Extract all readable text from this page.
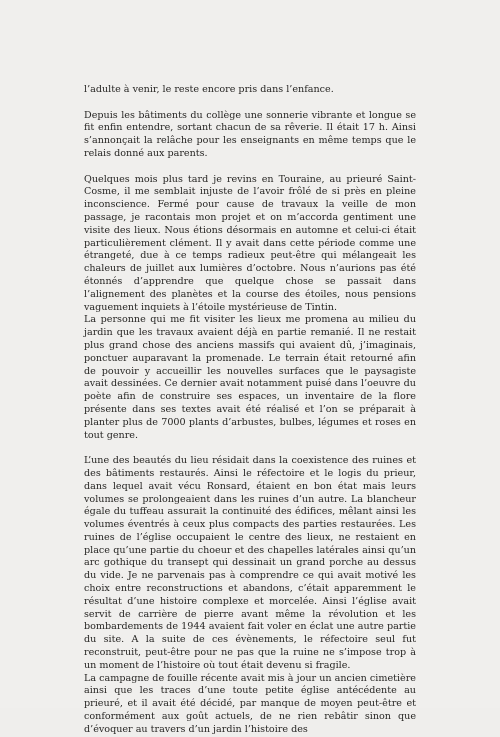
l’adulte à venir, le reste encore pris dans l’enfance.

Depuis les bâtiments du collège une sonnerie vibrante et longue se fit enfin entendre, sortant chacun de sa rêverie. Il était 17 h. Ainsi s’annonçait la relâche pour les enseignants en même temps que le relais donné aux parents.

Quelques mois plus tard je revins en Touraine, au prieuré Saint-Cosme, il me semblait injuste de l’avoir frôlé de si près en pleine inconscience. Fermé pour cause de travaux la veille de mon passage, je racontais mon projet et on m’accorda gentiment une visite des lieux. Nous étions désormais en automne et celui-ci était particulièrement clément. Il y avait dans cette période comme une étrangeté, due à ce temps radieux peut-être qui mélangeait les chaleurs de juillet aux lumières d’octobre. Nous n’aurions pas été étonnés d’apprendre que quelque chose se passait dans l’alignement des planètes et la course des étoiles, nous pensions vaguement inquiets à l’étoile mystérieuse de Tintin.

La personne qui me fit visiter les lieux me promena au milieu du jardin que les travaux avaient déjà en partie remanié. Il ne restait plus grand chose des anciens massifs qui avaient dû, j’imaginais, ponctuer auparavant la promenade. Le terrain était retourné afin de pouvoir y accueillir les nouvelles surfaces que le paysagiste avait dessinées. Ce dernier avait notamment puisé dans l’oeuvre du poète afin de construire ses espaces, un inventaire de la flore présente dans ses textes avait été réalisé et l’on se préparait à planter plus de 7000 plants d’arbustes, bulbes, légumes et roses en tout genre.

L’une des beautés du lieu résidait dans la coexistence des ruines et des bâtiments restaurés. Ainsi le réfectoire et le logis du prieur, dans lequel avait vécu Ronsard, étaient en bon état mais leurs volumes se prolongeaient dans les ruines d’un autre. La blancheur égale du tuffeau assurait la continuité des édifices, mêlant ainsi les volumes éventrés à ceux plus compacts des parties restaurées. Les ruines de l’église occupaient le centre des lieux, ne restaient en place qu’une partie du choeur et des chapelles latérales ainsi qu’un arc gothique du transept qui dessinait un grand porche au dessus du vide. Je ne parvenais pas à comprendre ce qui avait motivé les choix entre reconstructions et abandons, c’était apparemment le résultat d’une histoire complexe et morcelée. Ainsi l’église avait servit de carrière de pierre avant même la révolution et les bombardements de 1944 avaient fait voler en éclat une autre partie du site. A la suite de ces évènements, le réfectoire seul fut reconstruit, peut-être pour ne pas que la ruine ne s’impose trop à un moment de l’histoire où tout était devenu si fragile.

La campagne de fouille récente avait mis à jour un ancien cimetière ainsi que les traces d’une toute petite église antécédente au prieuré, et il avait été décidé, par manque de moyen peut-être et conformément aux goût actuels, de ne rien rebâtir sinon que d’évoquer au travers d’un jardin l’histoire des
